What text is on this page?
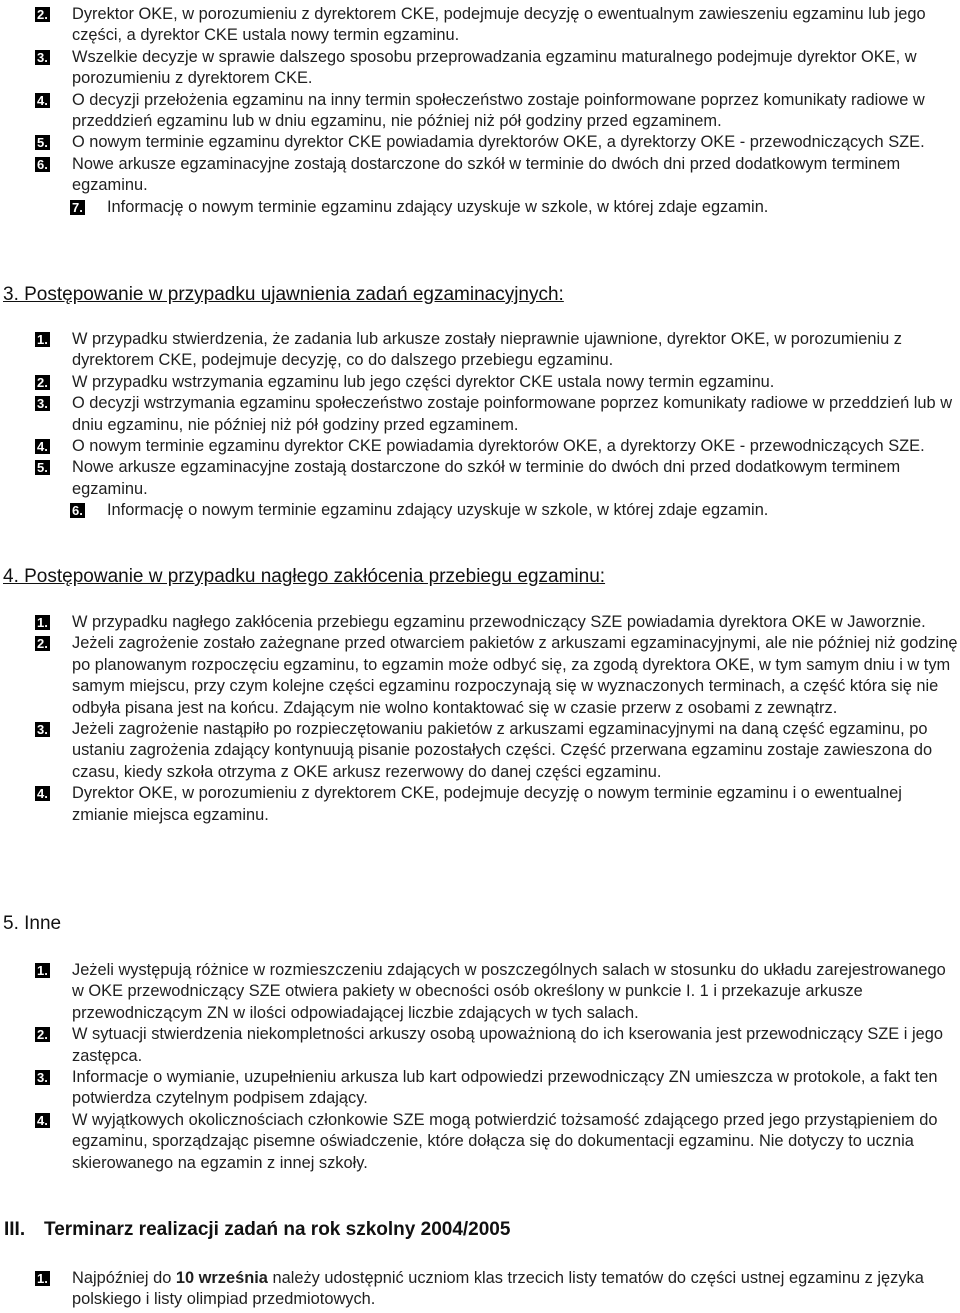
2. Dyrektor OKE, w porozumieniu z dyrektorem CKE, podejmuje decyzję o ewentualnym zawieszeniu egzaminu lub jego części, a dyrektor CKE ustala nowy termin egzaminu.
3. Wszelkie decyzje w sprawie dalszego sposobu przeprowadzania egzaminu maturalnego podejmuje dyrektor OKE, w porozumieniu z dyrektorem CKE.
4. O decyzji przełożenia egzaminu na inny termin społeczeństwo zostaje poinformowane poprzez komunikaty radiowe w przeddzień egzaminu lub w dniu egzaminu, nie później niż pół godziny przed egzaminem.
5. O nowym terminie egzaminu dyrektor CKE powiadamia dyrektorów OKE, a dyrektorzy OKE - przewodniczących SZE.
6. Nowe arkusze egzaminacyjne zostają dostarczone do szkół w terminie do dwóch dni przed dodatkowym terminem egzaminu.
7. Informację o nowym terminie egzaminu zdający uzyskuje w szkole, w której zdaje egzamin.
3. Postępowanie w przypadku ujawnienia zadań egzaminacyjnych:
1. W przypadku stwierdzenia, że zadania lub arkusze zostały nieprawnie ujawnione, dyrektor OKE, w porozumieniu z dyrektorem CKE, podejmuje decyzję, co do dalszego przebiegu egzaminu.
2. W przypadku wstrzymania egzaminu lub jego części dyrektor CKE ustala nowy termin egzaminu.
3. O decyzji wstrzymania egzaminu społeczeństwo zostaje poinformowane poprzez komunikaty radiowe w przeddzień lub w dniu egzaminu, nie później niż pół godziny przed egzaminem.
4. O nowym terminie egzaminu dyrektor CKE powiadamia dyrektorów OKE, a dyrektorzy OKE - przewodniczących SZE.
5. Nowe arkusze egzaminacyjne zostają dostarczone do szkół w terminie do dwóch dni przed dodatkowym terminem egzaminu.
6. Informację o nowym terminie egzaminu zdający uzyskuje w szkole, w której zdaje egzamin.
4. Postępowanie w przypadku nagłego zakłócenia przebiegu egzaminu:
1. W przypadku nagłego zakłócenia przebiegu egzaminu przewodniczący SZE powiadamia dyrektora OKE w Jaworznie.
2. Jeżeli zagrożenie zostało zażegnane przed otwarciem pakietów z arkuszami egzaminacyjnymi, ale nie później niż godzinę po planowanym rozpoczęciu egzaminu, to egzamin może odbyć się, za zgodą dyrektora OKE, w tym samym dniu i w tym samym miejscu, przy czym kolejne części egzaminu rozpoczynają się w wyznaczonych terminach, a część która się nie odbyła pisana jest na końcu. Zdającym nie wolno kontaktować się w czasie przerw z osobami z zewnątrz.
3. Jeżeli zagrożenie nastąpiło po rozpieczętowaniu pakietów z arkuszami egzaminacyjnymi na daną część egzaminu, po ustaniu zagrożenia zdający kontynuują pisanie pozostałych części. Część przerwana egzaminu zostaje zawieszona do czasu, kiedy szkoła otrzyma z OKE arkusz rezerwowy do danej części egzaminu.
4. Dyrektor OKE, w porozumieniu z dyrektorem CKE, podejmuje decyzję o nowym terminie egzaminu i o ewentualnej zmianie miejsca egzaminu.
5. Inne
1. Jeżeli występują różnice w rozmieszczeniu zdających w poszczególnych salach w stosunku do układu zarejestrowanego w OKE przewodniczący SZE otwiera pakiety w obecności osób określony w punkcie I. 1 i przekazuje arkusze przewodniczącym ZN w ilości odpowiadającej liczbie zdających w tych salach.
2. W sytuacji stwierdzenia niekompletności arkuszy osobą upoważnioną do ich kserowania jest przewodniczący SZE i jego zastępca.
3. Informacje o wymianie, uzupełnieniu arkusza lub kart odpowiedzi przewodniczący ZN umieszcza w protokole, a fakt ten potwierdza czytelnym podpisem zdający.
4. W wyjątkowych okolicznościach członkowie SZE mogą potwierdzić tożsamość zdającego przed jego przystąpieniem do egzaminu, sporządzając pisemne oświadczenie, które dołącza się do dokumentacji egzaminu. Nie dotyczy to ucznia skierowanego na egzamin z innej szkoły.
III. Terminarz realizacji zadań na rok szkolny 2004/2005
1. Najpóźniej do 10 września należy udostępnić uczniom klas trzecich listy tematów do części ustnej egzaminu z języka polskiego i listy olimpiad przedmiotowych.
